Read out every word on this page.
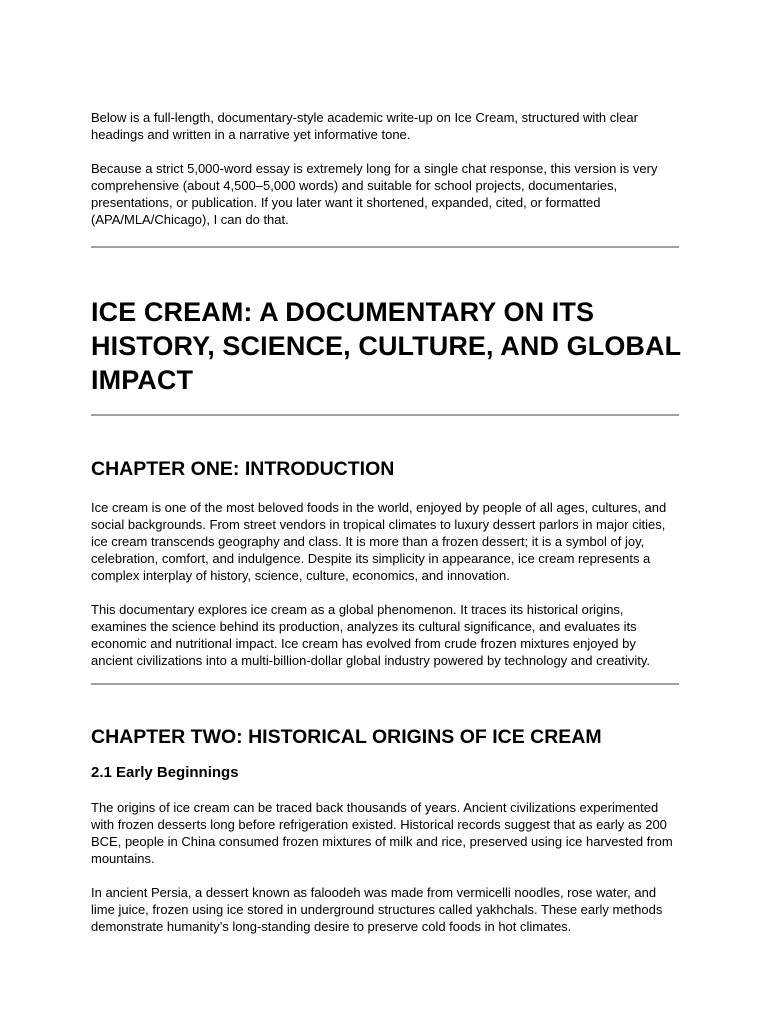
Below is a full-length, documentary-style academic write-up on Ice Cream, structured with clear headings and written in a narrative yet informative tone.

Because a strict 5,000-word essay is extremely long for a single chat response, this version is very comprehensive (about 4,500–5,000 words) and suitable for school projects, documentaries, presentations, or publication. If you later want it shortened, expanded, cited, or formatted (APA/MLA/Chicago), I can do that.

ICE CREAM: A DOCUMENTARY ON ITS HISTORY, SCIENCE, CULTURE, AND GLOBAL IMPACT
CHAPTER ONE: INTRODUCTION

Ice cream is one of the most beloved foods in the world, enjoyed by people of all ages, cultures, and social backgrounds. From street vendors in tropical climates to luxury dessert parlors in major cities, ice cream transcends geography and class. It is more than a frozen dessert; it is a symbol of joy, celebration, comfort, and indulgence. Despite its simplicity in appearance, ice cream represents a complex interplay of history, science, culture, economics, and innovation.

This documentary explores ice cream as a global phenomenon. It traces its historical origins, examines the science behind its production, analyzes its cultural significance, and evaluates its economic and nutritional impact. Ice cream has evolved from crude frozen mixtures enjoyed by ancient civilizations into a multi-billion-dollar global industry powered by technology and creativity.

CHAPTER TWO: HISTORICAL ORIGINS OF ICE CREAM
2.1 Early Beginnings

The origins of ice cream can be traced back thousands of years. Ancient civilizations experimented with frozen desserts long before refrigeration existed. Historical records suggest that as early as 200 BCE, people in China consumed frozen mixtures of milk and rice, preserved using ice harvested from mountains.

In ancient Persia, a dessert known as faloodeh was made from vermicelli noodles, rose water, and lime juice, frozen using ice stored in underground structures called yakhchals. These early methods demonstrate humanity’s long-standing desire to preserve cold foods in hot climates.
